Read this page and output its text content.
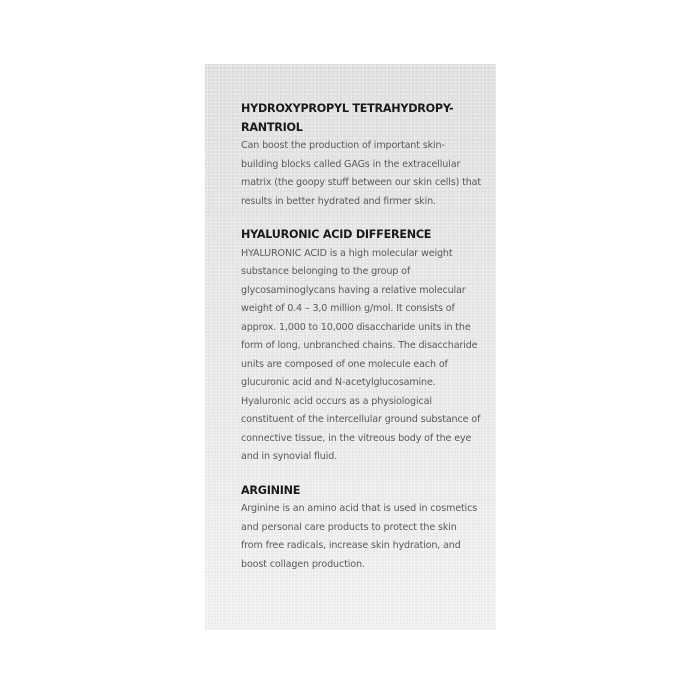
HYDROXYPROPYL TETRAHYDROPY-
RANTRIOL

Can boost the production of important skin-building blocks called GAGs in the extracellular matrix (the goopy stuff between our skin cells) that results in better hydrated and firmer skin.

HYALURONIC ACID DIFFERENCE

HYALURONIC ACID is a high molecular weight substance belonging to the group of glycosaminoglycans having a relative molecular weight of 0.4 – 3,0 million g/mol. It consists of approx. 1,000 to 10,000 disaccharide units in the form of long, unbranched chains. The disaccharide units are composed of one molecule each of glucuronic acid and N-acetylglucosamine. Hyaluronic acid occurs as a physiological constituent of the intercellular ground substance of connective tissue, in the vitreous body of the eye and in synovial fluid.

ARGININE

Arginine is an amino acid that is used in cosmetics and personal care products to protect the skin from free radicals, increase skin hydration, and boost collagen production.
